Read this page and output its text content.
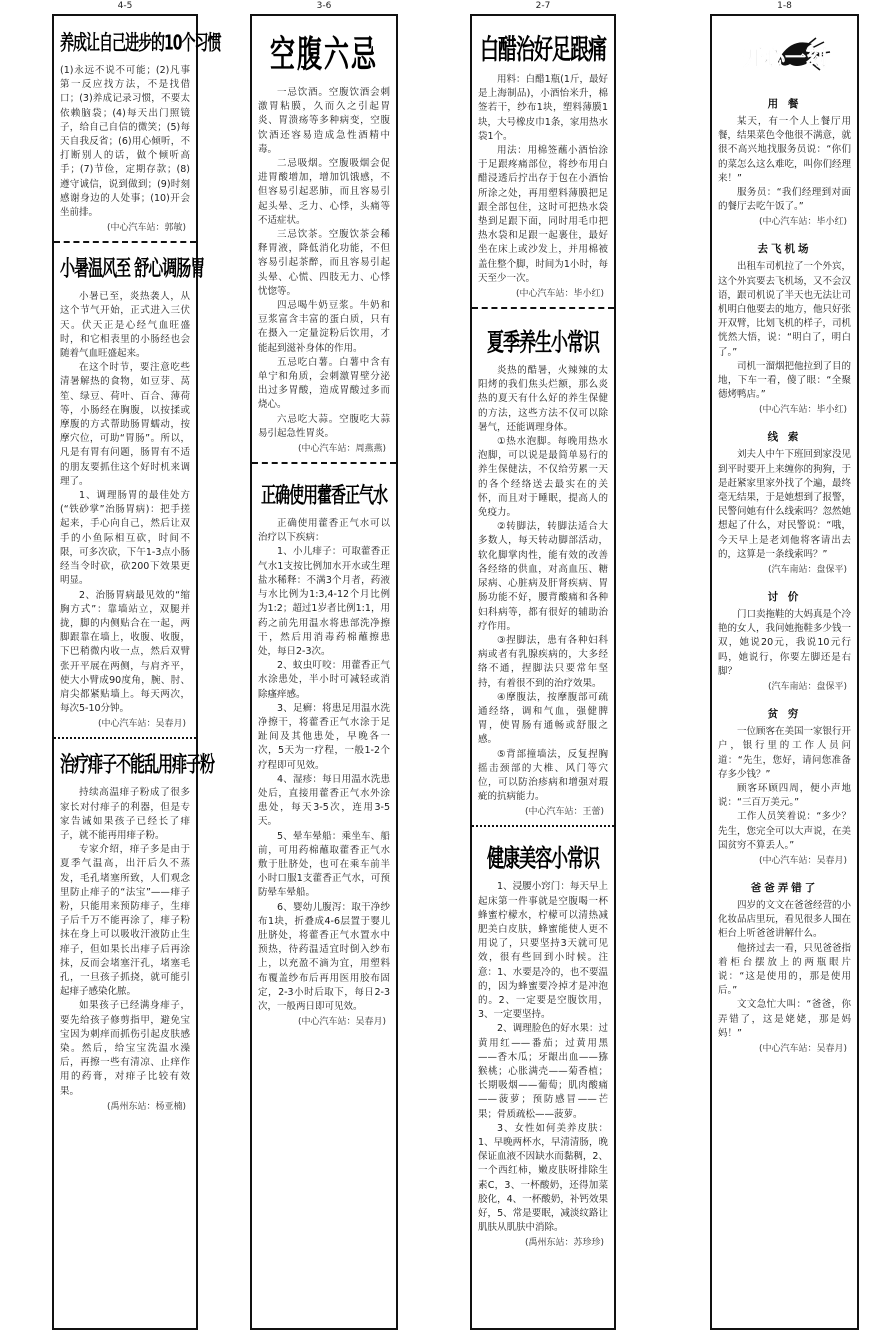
4-5
养成让自己进步的10个习惯

(1)永远不说不可能；(2)凡事第一反应找方法，不是找借口；(3)养成记录习惯，不要太依赖脑袋；(4)每天出门照镜子，给自己自信的微笑；(5)每天自我反省；(6)用心倾听，不打断别人的话，做个倾听高手；(7)节俭，定期存款；(8)遵守诚信，说到做到；(9)时刻感谢身边的人处事；(10)开会坐前排。

(中心汽车站：郭敏)
小暑温风至 舒心调肠胃

小暑已至，炎热袭人，从这个节气开始，正式进入三伏天。伏天正是心经气血旺盛时，和它相表里的小肠经也会随着气血旺盛起来。

在这个时节，要注意吃些清暑解热的食物，如豆芽、莴笙、绿豆、荷叶、百合、薄荷等，小肠经在胸腹，以按揉或摩腹的方式帮助肠胃蠕动，按摩穴位，可助“胃肠”。所以，凡是有胃有问题，肠胃有不适的朋友要抓住这个好时机来调理了。

1、调理肠胃的最佳处方(“铁砂掌”治肠胃病)：把手搓起来，手心向自己，然后让双手的小鱼际相互砍，时间不限，可多次砍，下午1-3点小肠经当令时砍，砍200下效果更明显。

2、治肠胃病最见效的“缩胸方式”：靠墙站立，双腿并拢，脚的内侧贴合在一起，两脚跟靠在墙上，收腹、收腹，下巴稍微内收一点，然后双臂张开平展在两侧，与肩齐平，使大小臂成90度角，腕、肘、肩尖都紧贴墙上。每天两次，每次5-10分钟。

(中心汽车站：吴春月)
治疗痱子不能乱用痱子粉

持续高温痱子粉成了很多家长对付痱子的利器，但是专家告诫如果孩子已经长了痱子，就不能再用痱子粉。

专家介绍，痱子多是由于夏季气温高，出汗后久不蒸发，毛孔堵塞所致，人们观念里防止痱子的“法宝”——痱子粉，只能用来预防痱子，生痱子后千万不能再涂了，痱子粉抹在身上可以吸收汗液防止生痱子，但如果长出痱子后再涂抹，反而会堵塞汗孔，堵塞毛孔，一旦孩子抓挠，就可能引起痱子感染化脓。

如果孩子已经满身痱子，要先给孩子修剪指甲，避免宝宝因为刺痒而抓伤引起皮肤感染。然后，给宝宝洗温水澡后，再擦一些有清凉、止痒作用的药膏，对痱子比较有效果。

(禹州东站：杨亚楠)
3-6
空腹六忌

一忌饮酒。空腹饮酒会刺激胃粘膜，久而久之引起胃炎、胃溃疡等多种病变，空腹饮酒还容易造成急性酒精中毒。

二忌吸烟。空腹吸烟会促进胃酸增加，增加饥饿感，不但容易引起恶肺，而且容易引起头晕、乏力、心悸，头痛等不适症状。

三忌饮茶。空腹饮茶会稀释胃液，降低消化功能，不但容易引起茶醉，而且容易引起头晕、心慌、四肢无力、心悸忧惚等。

四忌喝牛奶豆浆。牛奶和豆浆富含丰富的蛋白质，只有在摄入一定量淀粉后饮用，才能起到滋补身体的作用。

五忌吃白薯。白薯中含有单宁和角质，会刺激胃壁分泌出过多胃酸，造成胃酸过多而烧心。

六忌吃大蒜。空腹吃大蒜易引起急性胃炎。

(中心汽车站：周燕燕)
正确使用藿香正气水

正确使用藿香正气水可以治疗以下疾病：

1、小儿痱子：可取藿香正气水1支按比例加水开水或生理盐水稀释：不满3个月者，药液与水比例为1:3,4-12个月比例为1:2；超过1岁者比例1:1，用药之前先用温水将患部洗净擦干，然后用消毒药棉蘸擦患处，每日2-3次。

2、蚊虫叮咬：用藿香正气水涂患处，半小时可减轻或消除瘙痒感。

3、足癣：将患足用温水洗净擦干，将藿香正气水涂于足趾间及其他患处，早晚各一次，5天为一疗程，一般1-2个疗程即可见效。

4、湿疹：每日用温水洗患处后，直接用藿香正气水外涂患处，每天3-5次，连用3-5天。

5、晕车晕船：乘坐车、船前，可用药棉蘸取藿香正气水敷于肚脐处，也可在乘车前半小时口服1支藿香正气水，可预防晕车晕船。

6、婴幼儿腹泻：取干净纱布1块，折叠成4-6层置于婴儿肚脐处，将藿香正气水置水中预热，待药温适宜时倒入纱布上，以充盈不滴为宜，用塑料布覆盖纱布后再用医用胶布固定，2-3小时后取下，每日2-3次，一般两日即可见效。

(中心汽车站：吴春月)
2-7
白醋治好足跟痛

用料：白醋1瓶(1斤，最好是上海制品)，小酒怡米升，棉签若干，纱布1块，塑料薄膜1块，大号橡皮巾1条，家用热水袋1个。

用法：用棉签蘸小酒怡涂于足跟疼痛部位，将纱布用白醋浸透后拧出存于包在小酒怡所涂之处，再用塑料薄膜把足跟全部包住，这时可把热水袋垫到足跟下面，同时用毛巾把热水袋和足跟一起裹住，最好坐在床上或沙发上，并用棉被盖住整个脚，时间为1小时，每天至少一次。

(中心汽车站：毕小红)
夏季养生小常识

炎热的酷暑，火辣辣的太阳烤的我们焦头烂额，那么炎热的夏天有什么好的养生保健的方法，这些方法不仅可以除暑气，还能调理身体。

①热水泡脚。每晚用热水泡脚，可以说是最简单易行的养生保健法，不仅给劳累一天的各个经络送去最实在的关怀，而且对于睡眠，提高人的免疫力。

②转脚法，转脚法适合大多数人，每天转动脚部活动，软化脚掌肉性，能有效的改善各经络的供血，对高血压、糖尿病、心脏病及肝肾疾病、胃肠功能不好，腰背酸痛和各种妇科病等，都有很好的辅助治疗作用。

③捏脚法，患有各种妇科病或者有乳腺疾病的，大多经络不通，捏脚法只要常年坚持，有着很不到的治疗效果。

④摩腹法，按摩腹部可疏通经络，调和气血，强健脾胃，使胃肠有通畅或舒服之感。

⑤背部撞墙法，反复捏胸摇击颈部的大椎、风门等穴位，可以防治疹病和增强对瑕疵的抗病能力。

(中心汽车站：王蕾)
健康美容小常识

1、浸腰小窍门：每天早上起床第一件事就是空腹喝一杯蜂蜜柠檬水，柠檬可以清热减肥美白皮肤，蜂蜜能使人更不用说了，只要坚持3天就可见效，很有些回到小时候。注意：1、水要是冷的，也不要温的，因为蜂蜜要冷掉才是冲泡的。2、一定要是空腹饮用，3、一定要坚持。

2、调理脸色的好水果：过黄用红——番茄；过黄用黑——香木瓜；牙龈出血——猕猴桃；心胀满壳——菊香植；长期吸烟——葡萄；肌肉酸痛——菠萝；预防感冒——芒果；骨质疏松——菠萝。

3、女性如何美养皮肤：1、早晚两杯水，早清清肠，晚保证血液不因缺水而黏稠，2、一个西红柿，嫩皮肤呀排除生素C，3、一杯酸奶，还得加菜胶化，4、一杯酸奶，补钙效果好，5、常是要眠，减淡纹路让肌肤从肌肤中消除。

(禹州东站：苏珍珍)
1-8
开心一刻
用 餐

某天，有一个人上餐厅用餐，结果菜色令他很不满意，就很不高兴地找服务员说：“你们的菜怎么这么难吃，叫你们经理来！”

服务员：“我们经理到对面的餐厅去吃午饭了。”

(中心汽车站：毕小红)
去飞机场

出租车司机拉了一个外宾，这个外宾要去飞机场，又不会汉语，跟司机说了半天也无法让司机明白他要去的地方，他只好张开双臂，比划飞机的样子，司机恍然大悟，说：“明白了，明白了。”

司机一溜烟把他拉到了目的地，下车一看，傻了眼：“全聚德烤鸭店。”

(中心汽车站：毕小红)
线 索

刘夫人中午下班回到家没见到平时要开上来缠你的狗狗，于是赶紧家里家外找了个遍，最终毫无结果，于是她想到了报警，民警问她有什么线索吗？忽然她想起了什么，对民警说：“哦，今天早上是老刘他将客请出去的，这算是一条线索吗？”

(汽车南站：盘保平)
讨 价

门口卖拖鞋的大妈真是个冷艳的女人，我问她拖鞋多少钱一双，她说20元，我说10元行吗，她说行，你要左脚还是右脚？

(汽车南站：盘保平)
贫 穷

一位顾客在美国一家银行开户，银行里的工作人员问道：“先生，您好，请问您准备存多少钱？”

顾客环顾四周，便小声地说：“三百万美元。”

工作人员笑着说：“多少？先生，您完全可以大声说，在美国贫穷不算丢人。”

(中心汽车站：吴春月)
爸爸弄错了

四岁的文文在爸爸经营的小化妆品店里玩，看见很多人围在柜台上听爸爸讲解什么。

他挤过去一看，只见爸爸指着柜台摆放上的两瓶眼片说：“这是使用的，那是使用后。”

文文急忙大叫：“爸爸，你弄错了，这是姥姥，那是妈妈！”

(中心汽车站：吴春月)
